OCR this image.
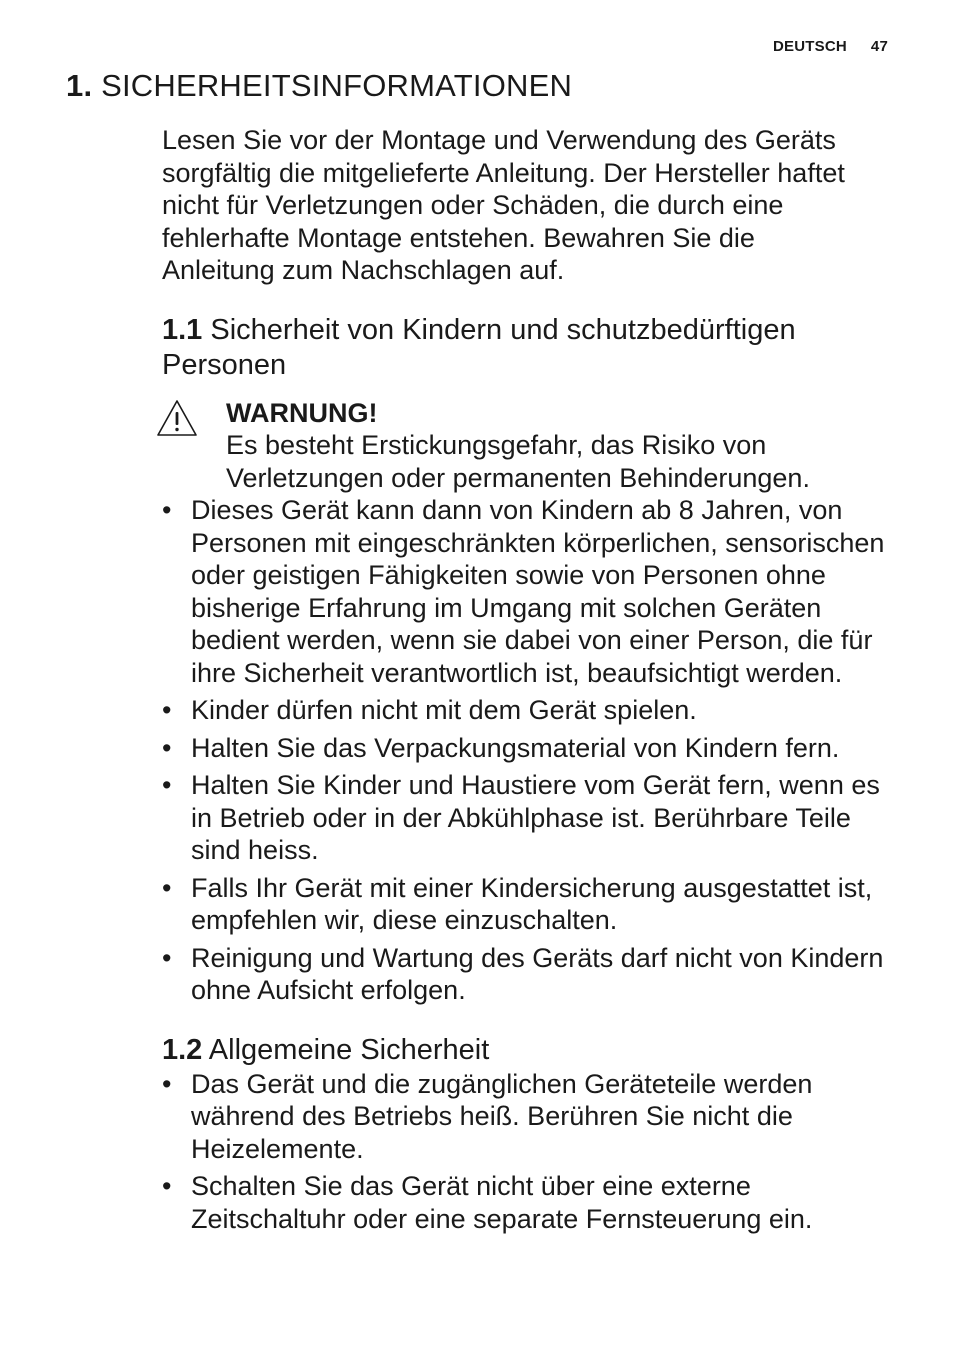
DEUTSCH 47
1. SICHERHEITSINFORMATIONEN

Lesen Sie vor der Montage und Verwendung des Geräts sorgfältig die mitgelieferte Anleitung. Der Hersteller haftet nicht für Verletzungen oder Schäden, die durch eine fehlerhafte Montage entstehen. Bewahren Sie die Anleitung zum Nachschlagen auf.

1.1 Sicherheit von Kindern und schutzbedürftigen Personen
WARNUNG!
Es besteht Erstickungsgefahr, das Risiko von Verletzungen oder permanenten Behinderungen.
• Dieses Gerät kann dann von Kindern ab 8 Jahren, von Personen mit eingeschränkten körperlichen, sensorischen oder geistigen Fähigkeiten sowie von Personen ohne bisherige Erfahrung im Umgang mit solchen Geräten bedient werden, wenn sie dabei von einer Person, die für ihre Sicherheit verantwortlich ist, beaufsichtigt werden.
• Kinder dürfen nicht mit dem Gerät spielen.
• Halten Sie das Verpackungsmaterial von Kindern fern.
• Halten Sie Kinder und Haustiere vom Gerät fern, wenn es in Betrieb oder in der Abkühlphase ist. Berührbare Teile sind heiss.
• Falls Ihr Gerät mit einer Kindersicherung ausgestattet ist, empfehlen wir, diese einzuschalten.
• Reinigung und Wartung des Geräts darf nicht von Kindern ohne Aufsicht erfolgen.
1.2 Allgemeine Sicherheit
• Das Gerät und die zugänglichen Geräteteile werden während des Betriebs heiß. Berühren Sie nicht die Heizelemente.
• Schalten Sie das Gerät nicht über eine externe Zeitschaltuhr oder eine separate Fernsteuerung ein.
